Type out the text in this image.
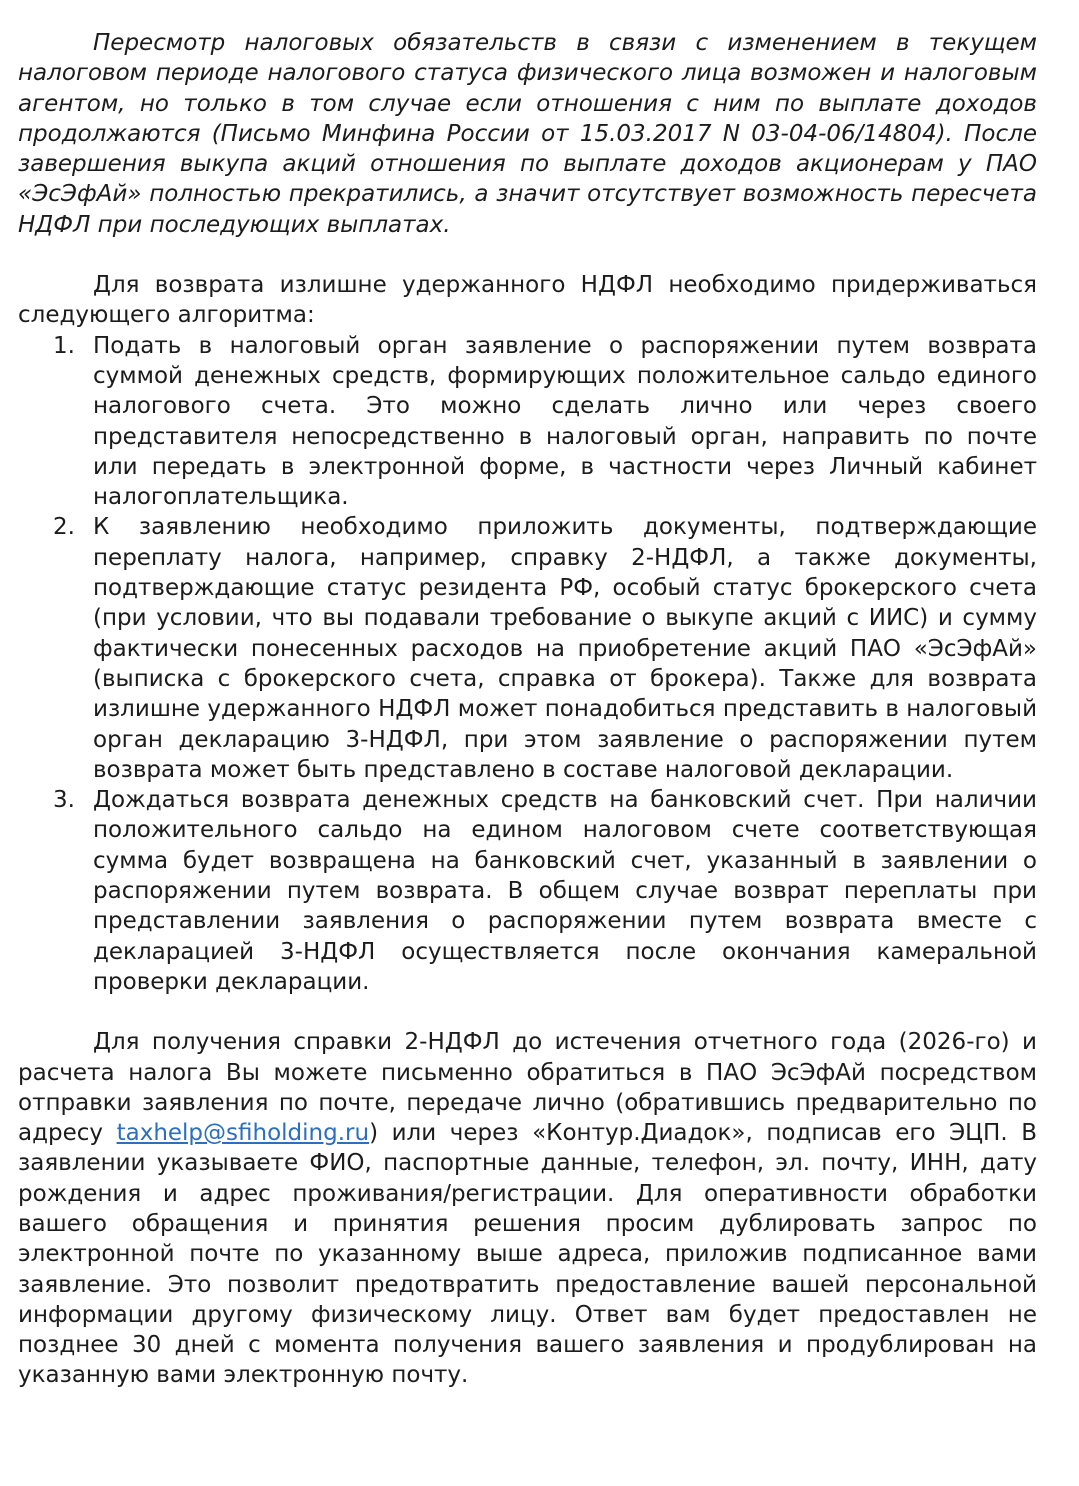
Пересмотр налоговых обязательств в связи с изменением в текущем налоговом периоде налогового статуса физического лица возможен и налоговым агентом, но только в том случае если отношения с ним по выплате доходов продолжаются (Письмо Минфина России от 15.03.2017 N 03-04-06/14804). После завершения выкупа акций отношения по выплате доходов акционерам у ПАО «ЭсЭфАй» полностью прекратились, а значит отсутствует возможность пересчета НДФЛ при последующих выплатах.

Для возврата излишне удержанного НДФЛ необходимо придерживаться следующего алгоритма:

1. Подать в налоговый орган заявление о распоряжении путем возврата суммой денежных средств, формирующих положительное сальдо единого налогового счета. Это можно сделать лично или через своего представителя непосредственно в налоговый орган, направить по почте или передать в электронной форме, в частности через Личный кабинет налогоплательщика.
2. К заявлению необходимо приложить документы, подтверждающие переплату налога, например, справку 2-НДФЛ, а также документы, подтверждающие статус резидента РФ, особый статус брокерского счета (при условии, что вы подавали требование о выкупе акций с ИИС) и сумму фактически понесенных расходов на приобретение акций ПАО «ЭсЭфАй» (выписка с брокерского счета, справка от брокера). Также для возврата излишне удержанного НДФЛ может понадобиться представить в налоговый орган декларацию 3-НДФЛ, при этом заявление о распоряжении путем возврата может быть представлено в составе налоговой декларации.
3. Дождаться возврата денежных средств на банковский счет. При наличии положительного сальдо на едином налоговом счете соответствующая сумма будет возвращена на банковский счет, указанный в заявлении о распоряжении путем возврата. В общем случае возврат переплаты при представлении заявления о распоряжении путем возврата вместе с декларацией 3-НДФЛ осуществляется после окончания камеральной проверки декларации.

Для получения справки 2-НДФЛ до истечения отчетного года (2026-го) и расчета налога Вы можете письменно обратиться в ПАО ЭсЭфАй посредством отправки заявления по почте, передаче лично (обратившись предварительно по адресу taxhelp@sfiholding.ru) или через «Контур.Диадок», подписав его ЭЦП. В заявлении указываете ФИО, паспортные данные, телефон, эл. почту, ИНН, дату рождения и адрес проживания/регистрации. Для оперативности обработки вашего обращения и принятия решения просим дублировать запрос по электронной почте по указанному выше адреса, приложив подписанное вами заявление. Это позволит предотвратить предоставление вашей персональной информации другому физическому лицу. Ответ вам будет предоставлен не позднее 30 дней с момента получения вашего заявления и продублирован на указанную вами электронную почту.
